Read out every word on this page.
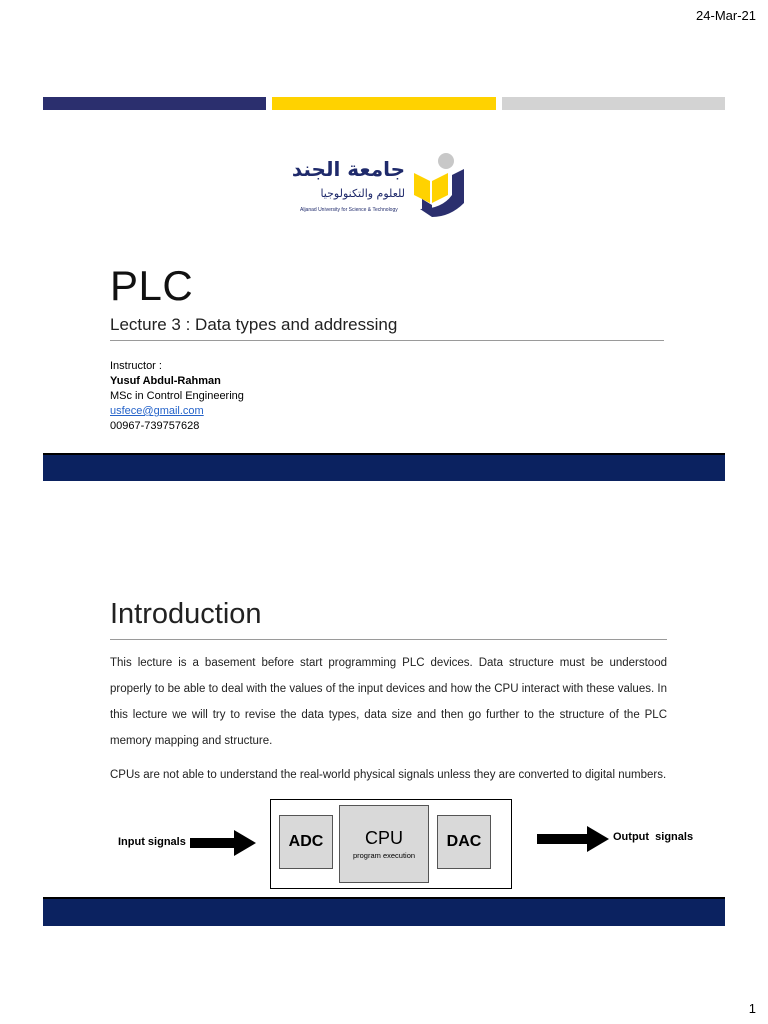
24-Mar-21
1
جامعة الجند
للعلوم والتكنولوجيا
Aljanad University for Science & Technology
PLC
Lecture 3 : Data types and addressing
Instructor :
Yusuf Abdul-Rahman
MSc in Control Engineering
usfece@gmail.com
00967-739757628
Introduction
This lecture is a basement before start programming PLC devices. Data structure must be understood properly to be able to deal with the values of the input devices and how the CPU interact with these values. In this lecture we will try to revise the data types, data size and then go further to the structure of the PLC memory mapping and structure.
CPUs are not able to understand the real-world physical signals unless they are converted to digital numbers.
Input signals	ADC	CPU
program execution
DAC	Output  signals
